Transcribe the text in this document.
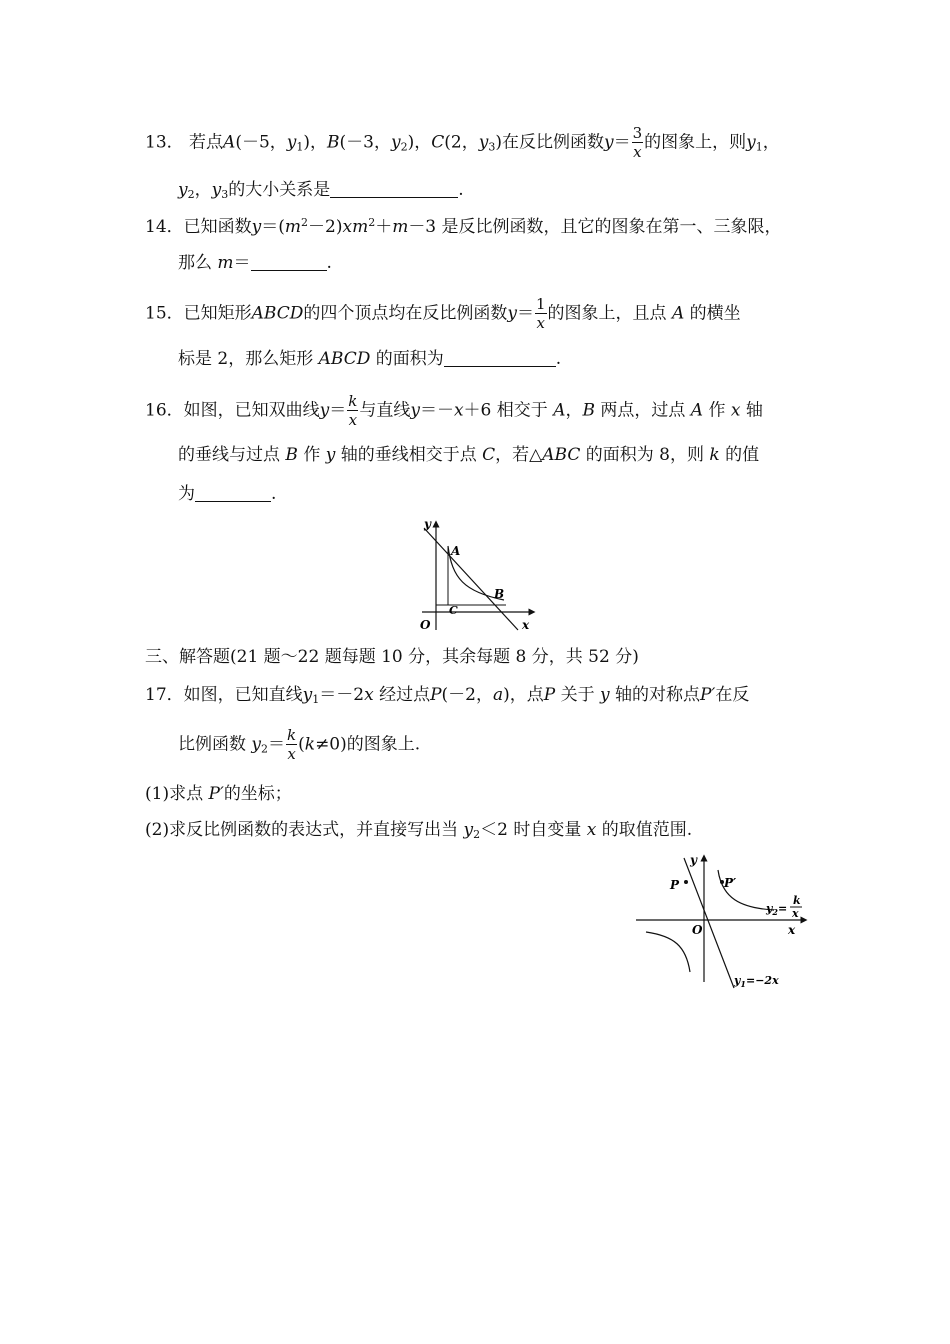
13． 若点A(－5，$y_1$)，B(－3，$y_2$)，C(2，$y_3$)在反比例函数$y= \frac{3}{x}$ 的图象上，则$y_1$，
$y_2$，$y_3$的大小关系是	.
14．已知函数$y=(m^2-2)xm^2+m-3$ 是反比例函数，且它的图象在第一、三象限，
那么 m＝	.
15．已知矩形ABCD的四个顶点均在反比例函数$y= \frac{1}{x}$ 的图象上，且点 A 的横坐
标是 2，那么矩形 ABCD 的面积为	.
16．如图，已知双曲线$y= \frac{k}{x}$ 与直线y＝－x＋6 相交于 A，B 两点，过点 A 作 x 轴
的垂线与过点 B 作 y 轴的垂线相交于点 C，若△ABC 的面积为 8，则 k 的值
为	.
y
A
B
C
O	x
三、解答题(21 题～22 题每题 10 分，其余每题 8 分，共 52 分)
17．如图，已知直线$y_1=-2x$ 经过点P(－2，a)，点P 关于 y 轴的对称点P′在反
比例函数 $y_2= \frac{k}{x} (k\ne 0)$的图象上.
(1)求点 P′的坐标；
(2)求反比例函数的表达式，并直接写出当 $y_2<2$ 时自变量 x 的取值范围.
y
P	P′
O	x
$y_2=$
k
x
$y_1=-2x$
